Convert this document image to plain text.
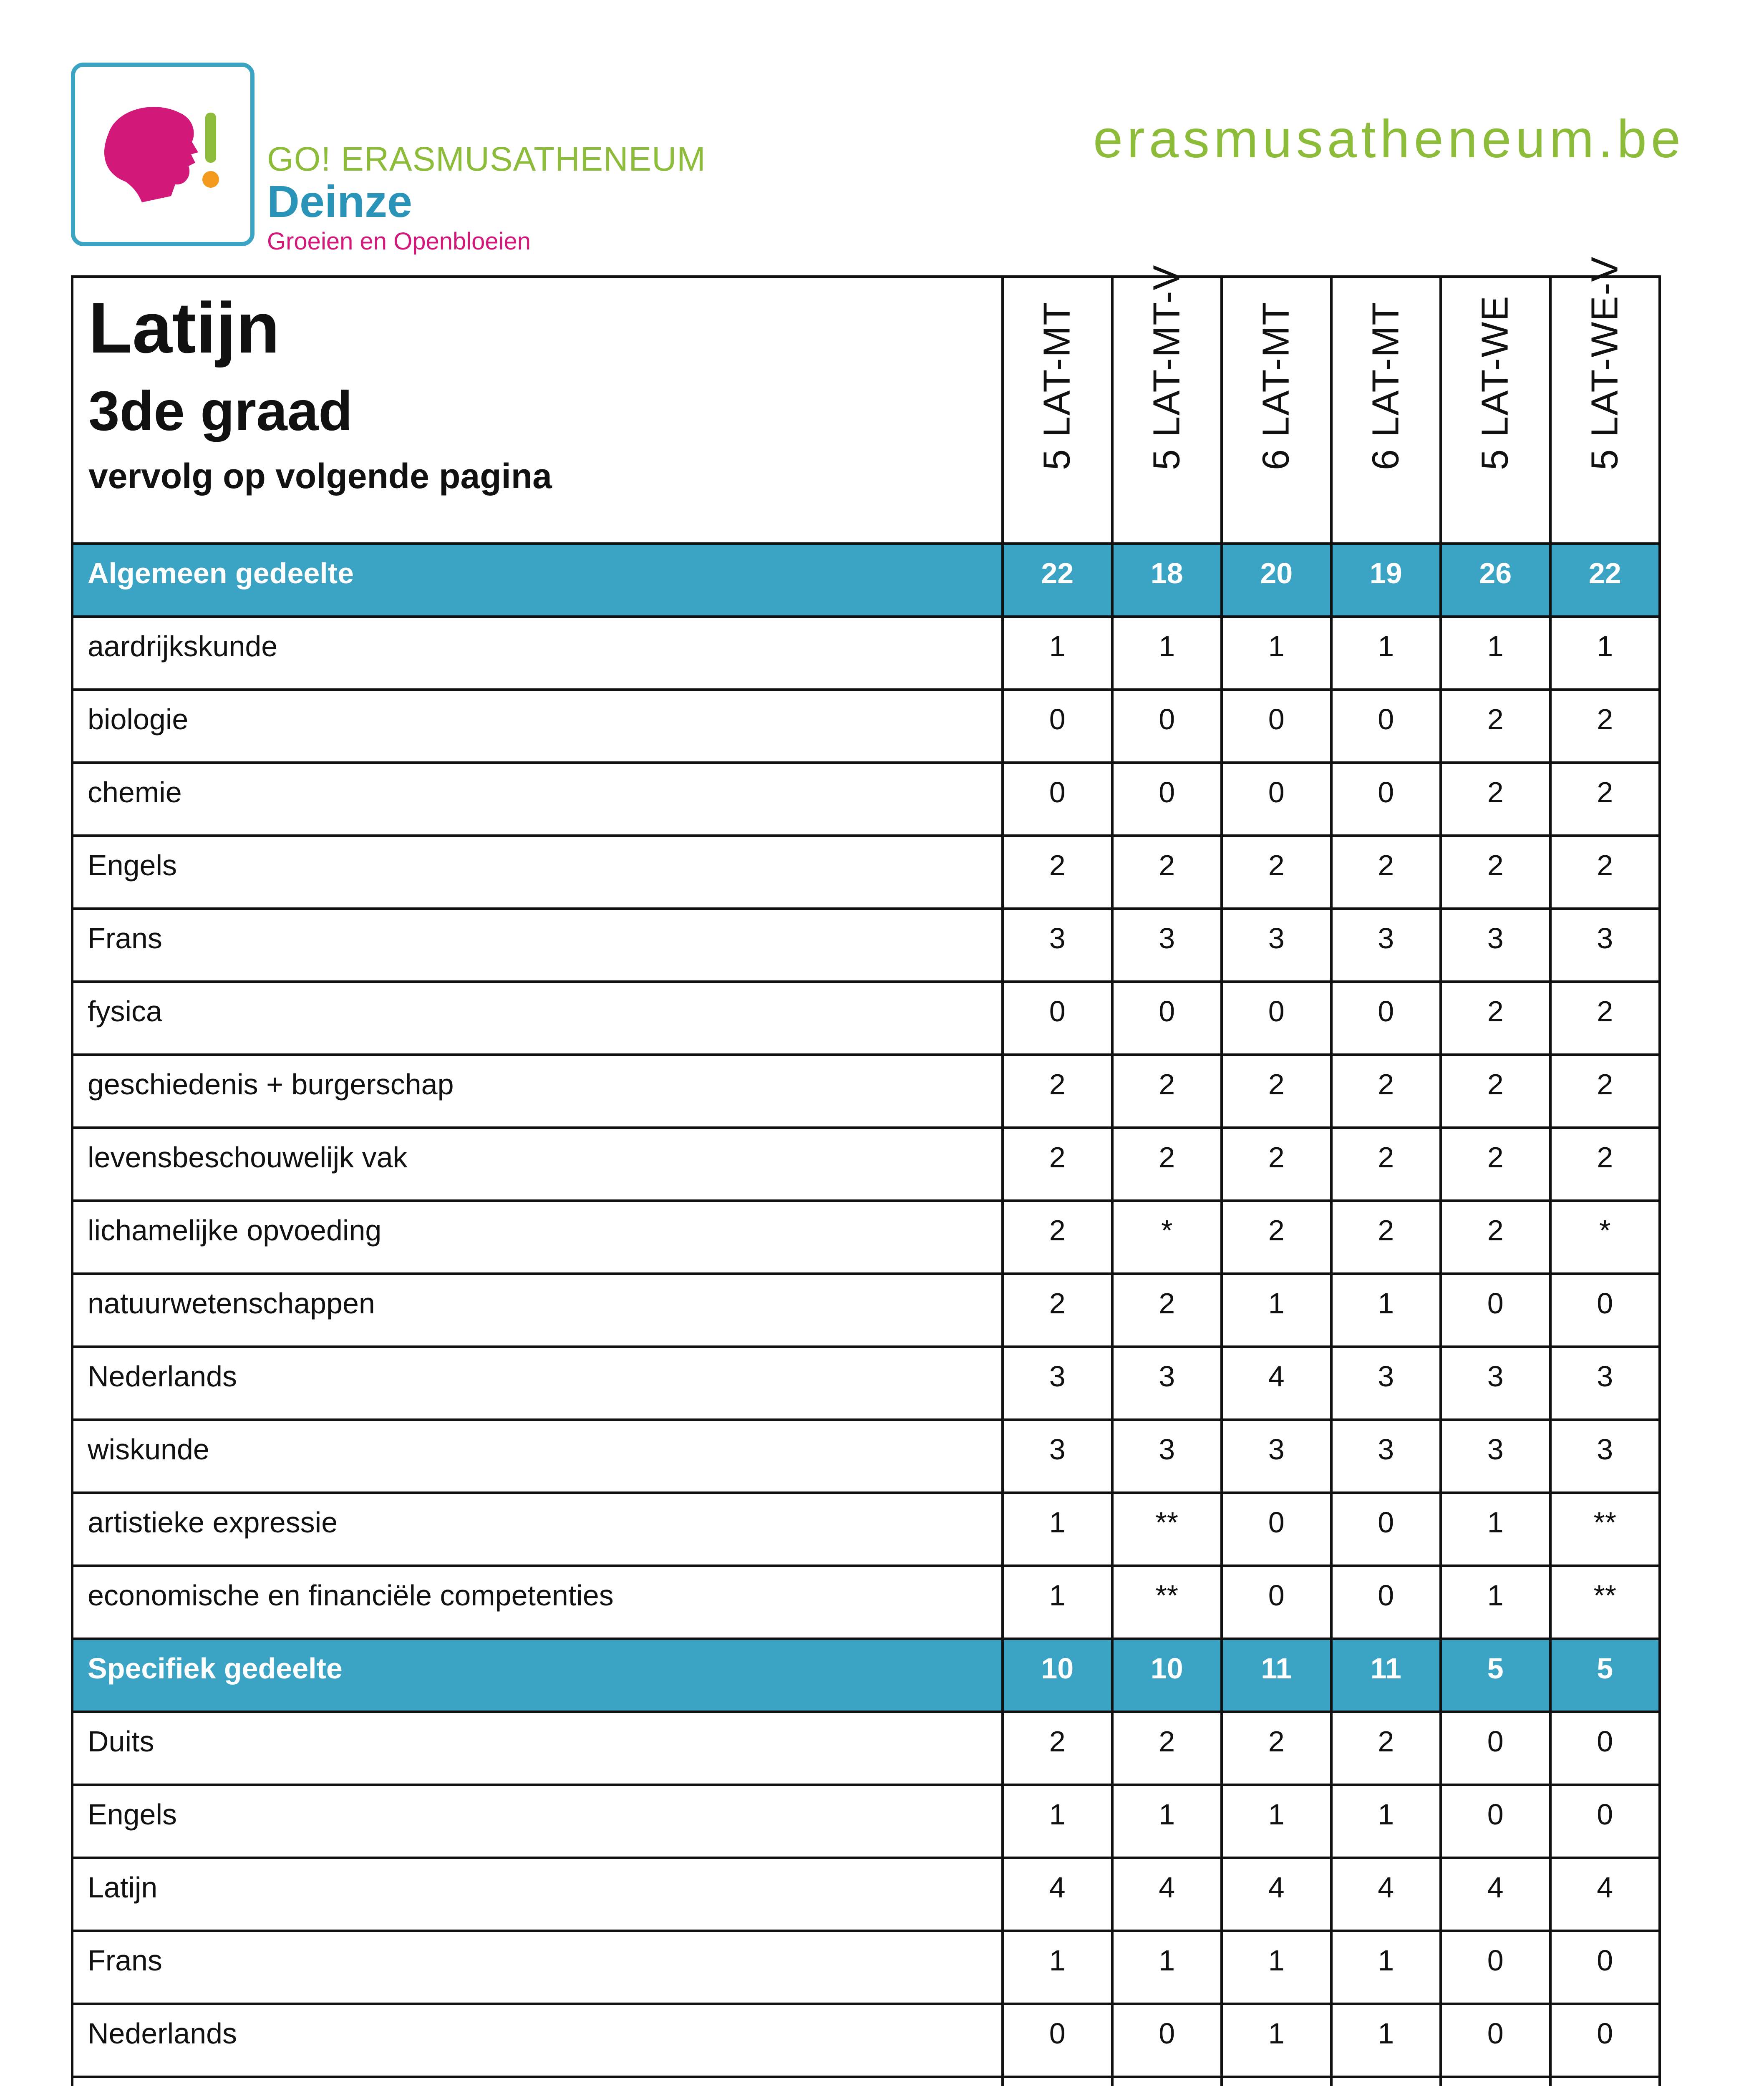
GO! ERASMUSATHENEUM
Deinze
Groeien en Openbloeien
erasmusatheneum.be
Latijn
3de graad
vervolg op volgende pagina	5 LAT-MT	5 LAT-MT-V	6 LAT-MT	6 LAT-MT	5 LAT-WE	5 LAT-WE-V

Algemeen gedeelte	22	18	20	19	26	22
aardrijkskunde	1	1	1	1	1	1
biologie	0	0	0	0	2	2
chemie	0	0	0	0	2	2
Engels	2	2	2	2	2	2
Frans	3	3	3	3	3	3
fysica	0	0	0	0	2	2
geschiedenis + burgerschap	2	2	2	2	2	2
levensbeschouwelijk vak	2	2	2	2	2	2
lichamelijke opvoeding	2	*	2	2	2	*
natuurwetenschappen	2	2	1	1	0	0
Nederlands	3	3	4	3	3	3
wiskunde	3	3	3	3	3	3
artistieke expressie	1	**	0	0	1	**
economische en financiële competenties	1	**	0	0	1	**
Specifiek gedeelte	10	10	11	11	5	5
Duits	2	2	2	2	0	0
Engels	1	1	1	1	0	0
Latijn	4	4	4	4	4	4
Frans	1	1	1	1	0	0
Nederlands	0	0	1	1	0	0
